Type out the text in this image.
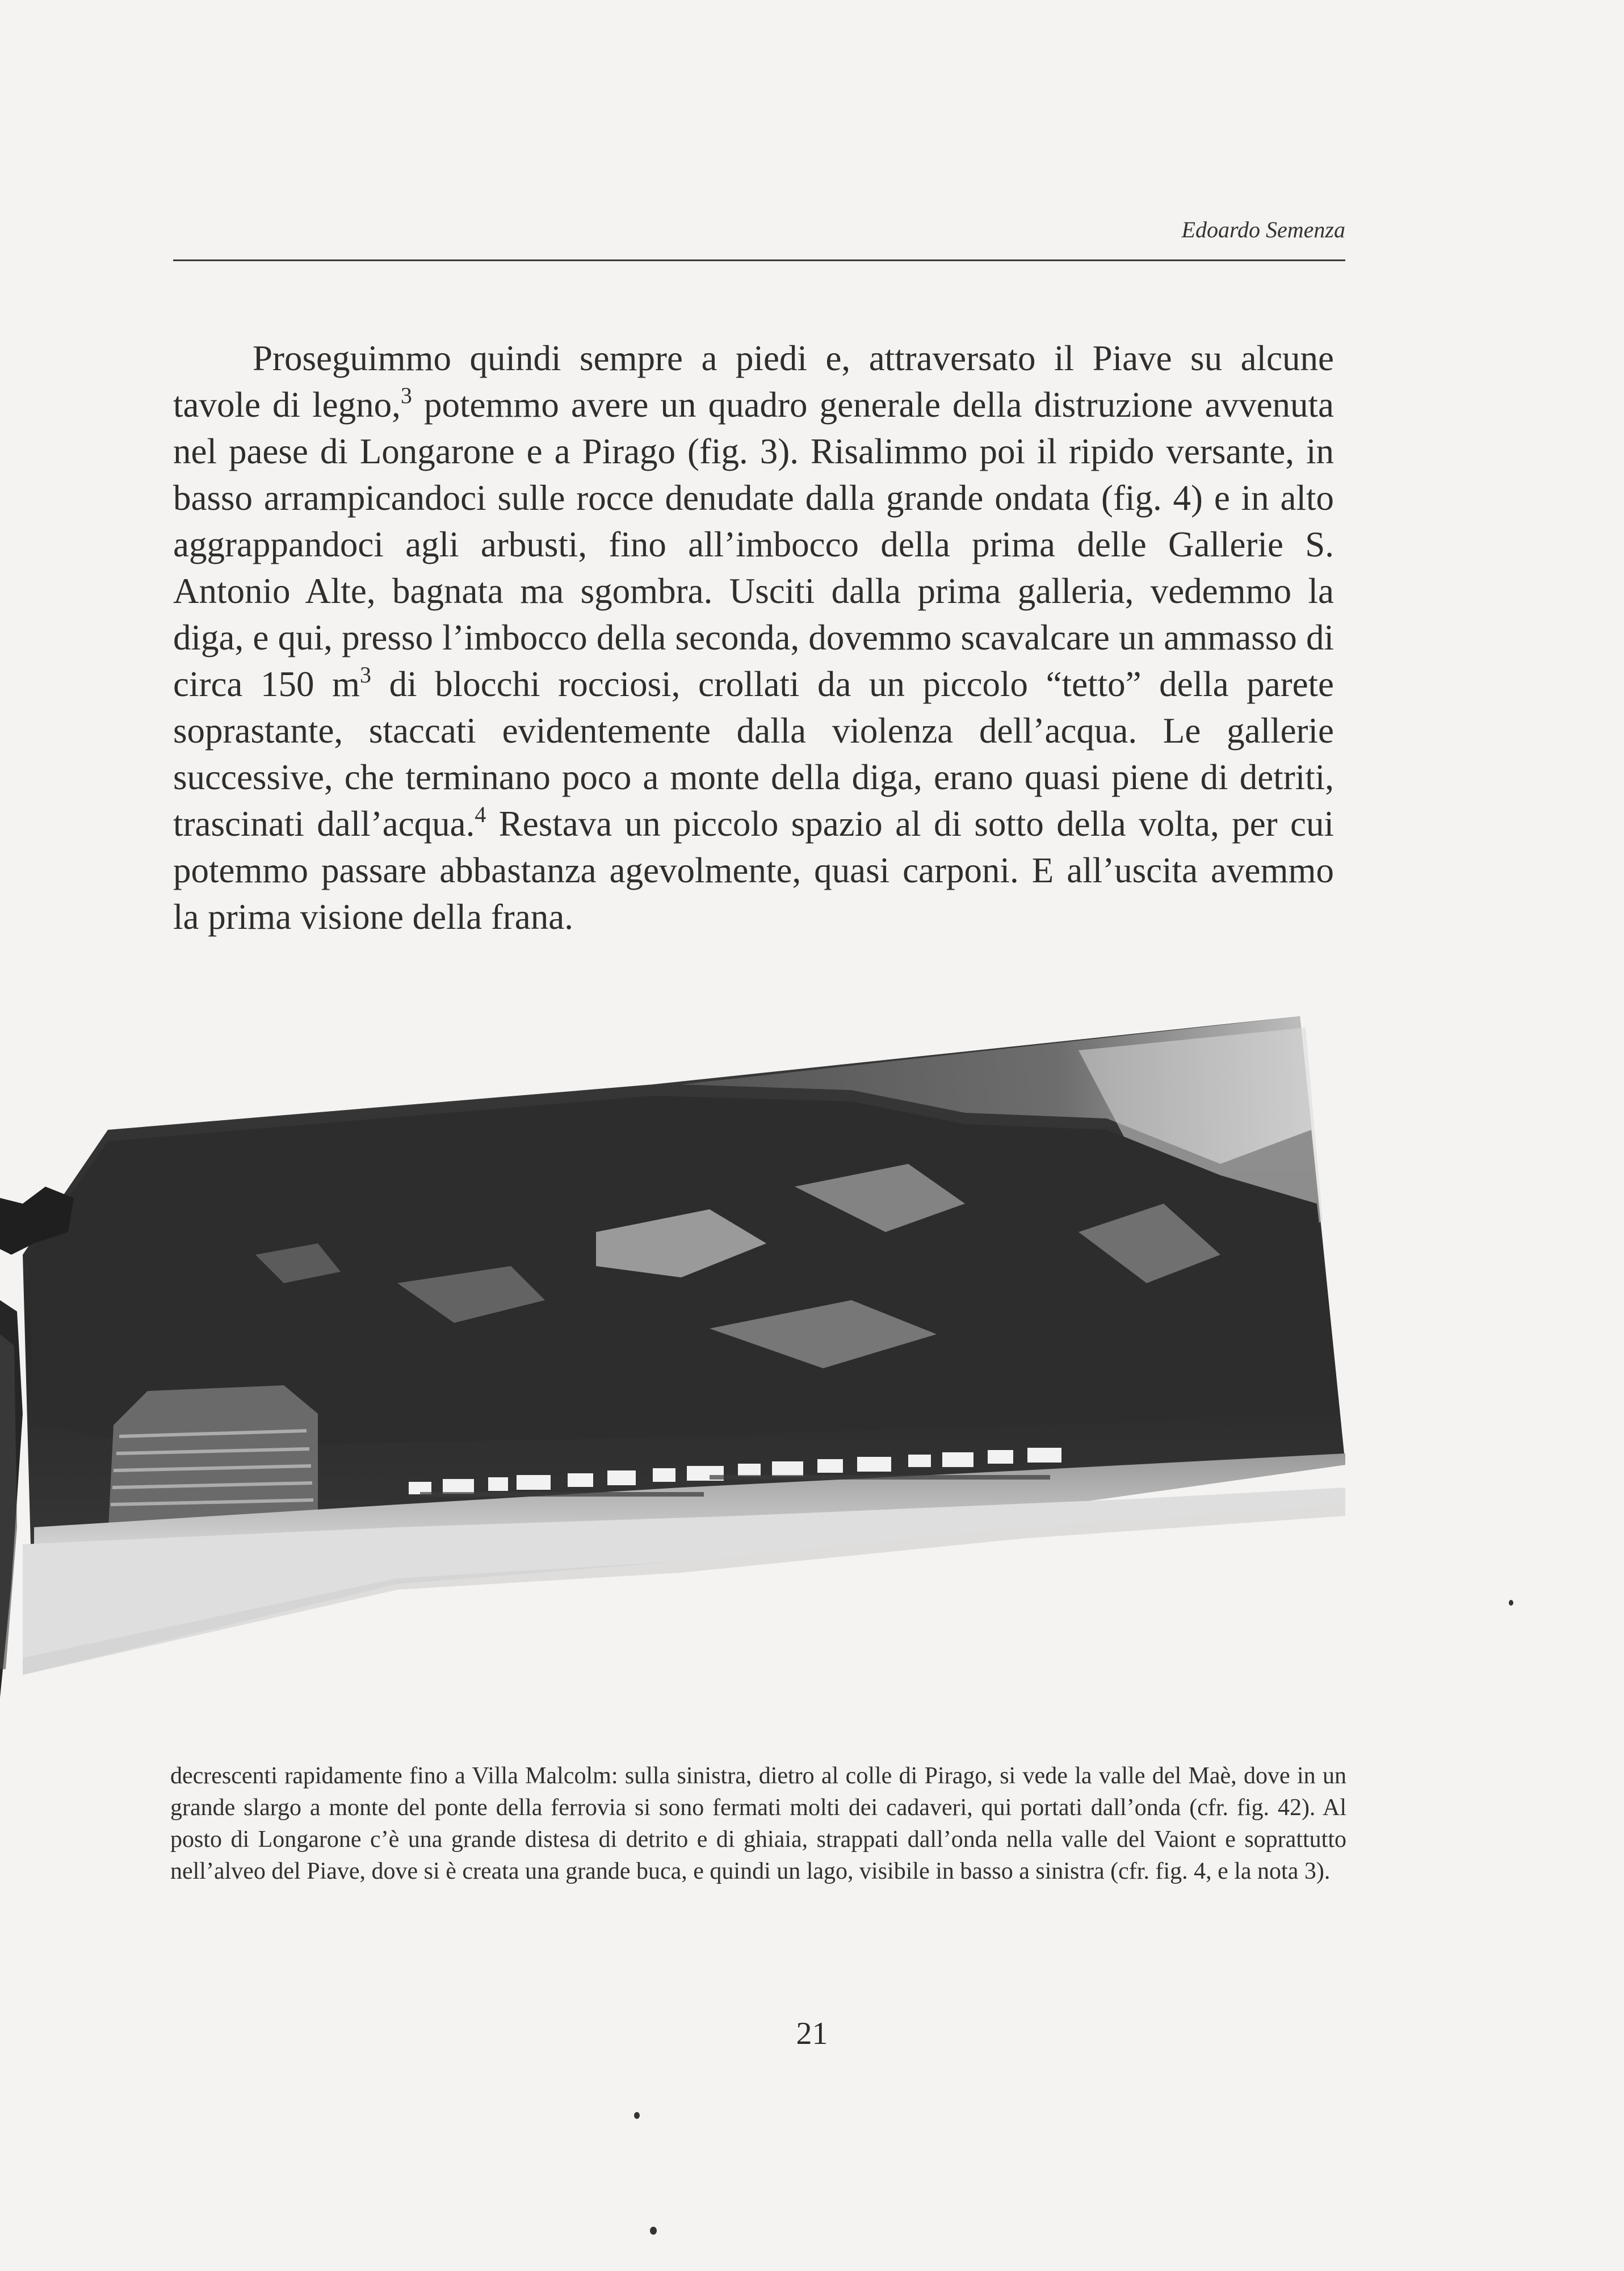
Edoardo Semenza

Proseguimmo quindi sempre a piedi e, attraversato il Piave su alcune tavole di legno,$^3$ potemmo avere un quadro generale della distruzione avvenuta nel paese di Longarone e a Pirago (fig. 3). Risalimmo poi il ripido versante, in basso arrampicandoci sulle rocce denudate dalla grande ondata (fig. 4) e in alto aggrappandoci agli arbusti, fino all’imbocco della prima delle Gallerie S. Antonio Alte, bagnata ma sgombra. Usciti dalla prima galleria, vedemmo la diga, e qui, presso l’imbocco della seconda, dovemmo scavalcare un ammasso di circa 150 $m^3$ di blocchi rocciosi, crollati da un piccolo “tetto” della parete soprastante, staccati evidentemente dalla violenza dell’acqua. Le gallerie successive, che terminano poco a monte della diga, erano quasi piene di detriti, trascinati dall’acqua.$^4$ Restava un piccolo spazio al di sotto della volta, per cui potemmo passare abbastanza agevolmente, quasi carponi. E all’uscita avemmo la prima visione della frana.

decrescenti rapidamente fino a Villa Malcolm: sulla sinistra, dietro al colle di Pirago, si vede la valle del Maè, dove in un grande slargo a monte del ponte della ferrovia si sono fermati molti dei cadaveri, qui portati dall’onda (cfr. fig. 42). Al posto di Longarone c’è una grande distesa di detrito e di ghiaia, strappati dall’onda nella valle del Vaiont e soprattutto nell’alveo del Piave, dove si è creata una grande buca, e quindi un lago, visibile in basso a sinistra (cfr. fig. 4, e la nota 3).

21
